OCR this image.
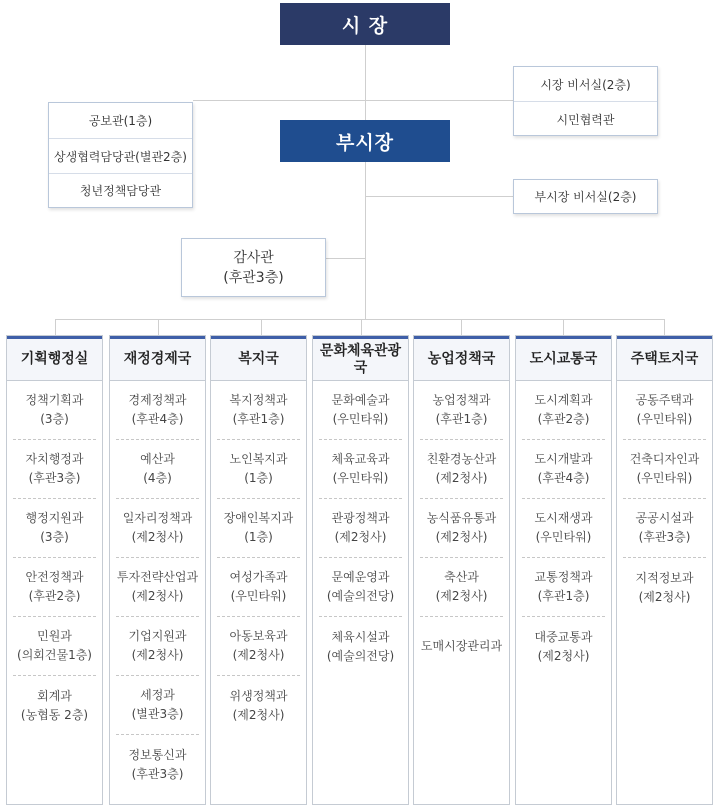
시 장
부시장
시장 비서실(2층)
시민협력관
공보관(1층)
상생협력담당관(별관2층)
청년정책담당관	부시장 비서실(2층)
감사관
(후관3층)
기획행정실
정책기획과
(3층)
자치행정과
(후관3층)
행정지원과
(3층)
안전정책과
(후관2층)
민원과
(의회건물1층)
회계과
(농협동 2층)
재정경제국
경제정책과
(후관4층)
예산과
(4층)
일자리정책과
(제2청사)
투자전략산업과
(제2청사)
기업지원과
(제2청사)
세정과
(별관3층)
정보통신과
(후관3층)
복지국
복지정책과
(후관1층)
노인복지과
(1층)
장애인복지과
(1층)
여성가족과
(우민타워)
아동보육과
(제2청사)
위생정책과
(제2청사)
문화체육관광국
문화예술과
(우민타워)
체육교육과
(우민타워)
관광정책과
(제2청사)
문예운영과
(예술의전당)
체육시설과
(예술의전당)
농업정책국
농업정책과
(후관1층)
친환경농산과
(제2청사)
농식품유통과
(제2청사)
축산과
(제2청사)
도매시장관리과
도시교통국
도시계획과
(후관2층)
도시개발과
(후관4층)
도시재생과
(우민타워)
교통정책과
(후관1층)
대중교통과
(제2청사)
주택토지국
공동주택과
(우민타워)
건축디자인과
(우민타워)
공공시설과
(후관3층)
지적정보과
(제2청사)
